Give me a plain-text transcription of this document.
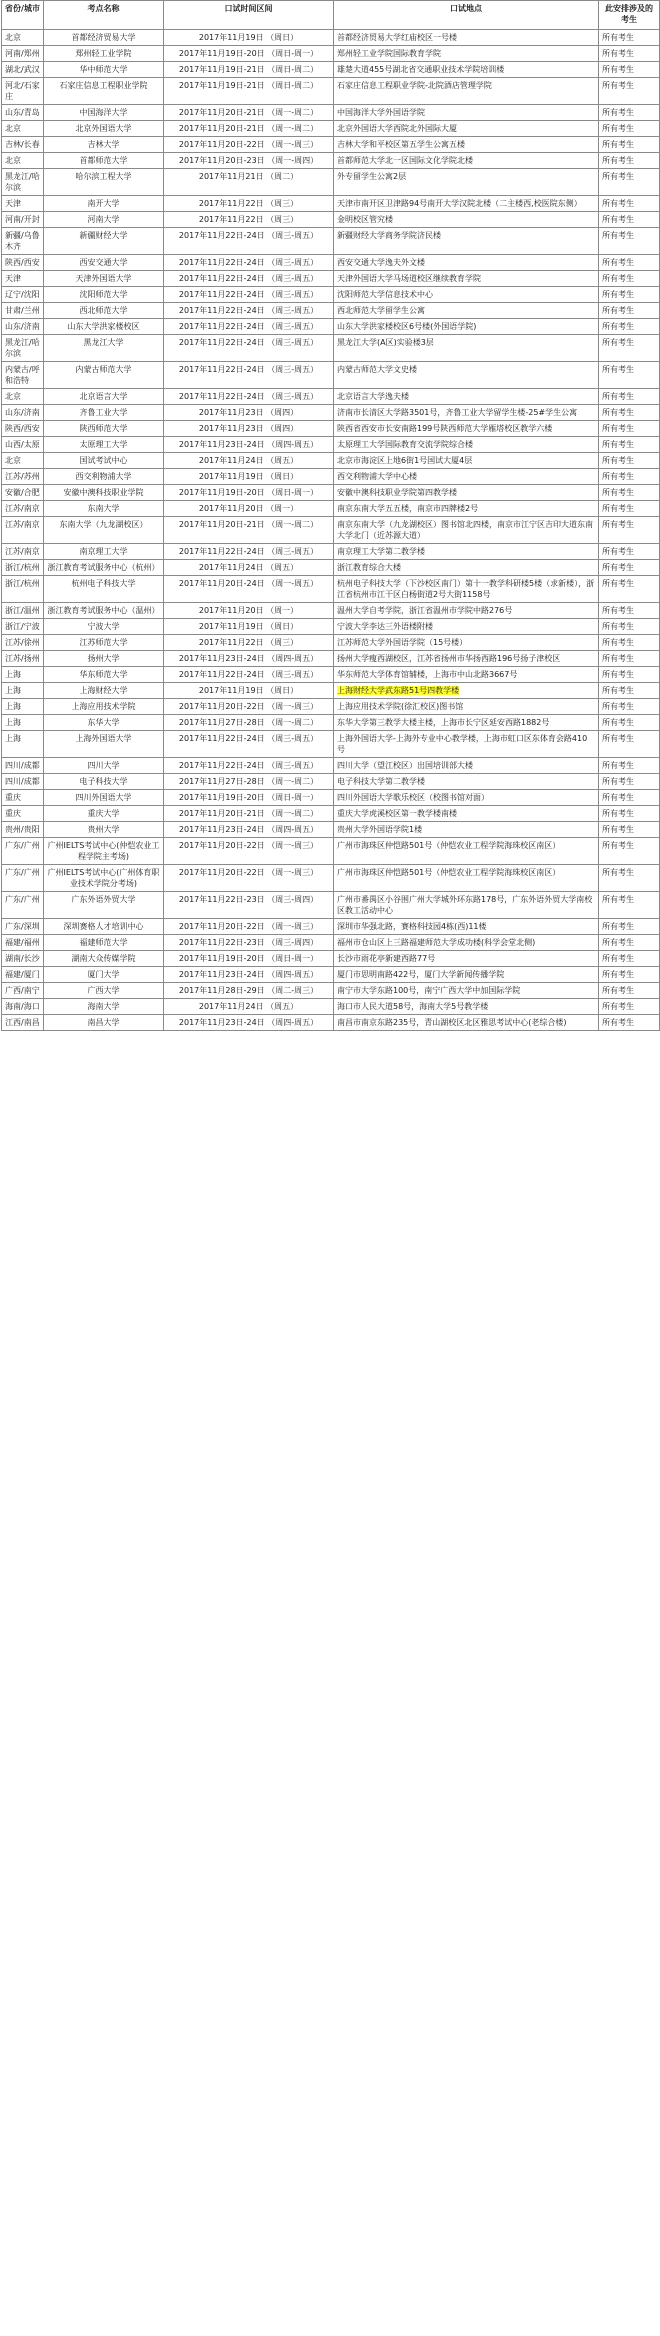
省份/城市	考点名称	口试时间区间	口试地点	此安排涉及的考生
北京	首都经济贸易大学	2017年11月19日 （周日）	首都经济贸易大学红庙校区一号楼	所有考生
河南/郑州	郑州轻工业学院	2017年11月19日-20日 （周日-周一）	郑州轻工业学院国际教育学院	所有考生
湖北/武汉	华中师范大学	2017年11月19日-21日 （周日-周二）	雄楚大道455号湖北省交通职业技术学院培训楼	所有考生
河北/石家庄	石家庄信息工程职业学院	2017年11月19日-21日 （周日-周二）	石家庄信息工程职业学院-北院酒店管理学院	所有考生
山东/青岛	中国海洋大学	2017年11月20日-21日 （周一-周二）	中国海洋大学外国语学院	所有考生
北京	北京外国语大学	2017年11月20日-21日 （周一-周二）	北京外国语大学西院北外国际大厦	所有考生
吉林/长春	吉林大学	2017年11月20日-22日 （周一-周三）	吉林大学和平校区第五学生公寓五楼	所有考生
北京	首都师范大学	2017年11月20日-23日 （周一-周四）	首都师范大学北一区国际文化学院北楼	所有考生
黑龙江/哈尔滨	哈尔滨工程大学	2017年11月21日 （周二）	外专留学生公寓2层	所有考生
天津	南开大学	2017年11月22日 （周三）	天津市南开区卫津路94号南开大学汉院北楼（二主楼西,校医院东侧）	所有考生
河南/开封	河南大学	2017年11月22日 （周三）	金明校区管究楼	所有考生
新疆/乌鲁木齐	新疆财经大学	2017年11月22日-24日 （周三-周五）	新疆财经大学商务学院济民楼	所有考生
陕西/西安	西安交通大学	2017年11月22日-24日 （周三-周五）	西安交通大学逸夫外文楼	所有考生
天津	天津外国语大学	2017年11月22日-24日 （周三-周五）	天津外国语大学马场道校区继续教育学院	所有考生
辽宁/沈阳	沈阳师范大学	2017年11月22日-24日 （周三-周五）	沈阳师范大学信息技术中心	所有考生
甘肃/兰州	西北师范大学	2017年11月22日-24日 （周三-周五）	西北师范大学留学生公寓	所有考生
山东/济南	山东大学洪家楼校区	2017年11月22日-24日 （周三-周五）	山东大学洪家楼校区6号楼(外国语学院)	所有考生
黑龙江/哈尔滨	黑龙江大学	2017年11月22日-24日 （周三-周五）	黑龙江大学(A区)实验楼3层	所有考生
内蒙古/呼和浩特	内蒙古师范大学	2017年11月22日-24日 （周三-周五）	内蒙古师范大学文史楼	所有考生
北京	北京语言大学	2017年11月22日-24日 （周三-周五）	北京语言大学逸夫楼	所有考生
山东/济南	齐鲁工业大学	2017年11月23日 （周四）	济南市长清区大学路3501号，齐鲁工业大学留学生楼-25#学生公寓	所有考生
陕西/西安	陕西师范大学	2017年11月23日 （周四）	陕西省西安市长安南路199号陕西师范大学雁塔校区教学六楼	所有考生
山西/太原	太原理工大学	2017年11月23日-24日 （周四-周五）	太原理工大学国际教育交流学院综合楼	所有考生
北京	国试考试中心	2017年11月24日 （周五）	北京市海淀区上地6街1号国试大厦4层	所有考生
江苏/苏州	西交利物浦大学	2017年11月19日 （周日）	西交利物浦大学中心楼	所有考生
安徽/合肥	安徽中澳科技职业学院	2017年11月19日-20日 （周日-周一）	安徽中澳科技职业学院第四教学楼	所有考生
江苏/南京	东南大学	2017年11月20日 （周一）	南京东南大学五五楼，南京市四牌楼2号	所有考生
江苏/南京	东南大学（九龙湖校区）	2017年11月20日-21日 （周一-周二）	南京东南大学（九龙湖校区）图书馆北四楼，南京市江宁区吉印大道东南大学北门（近苏源大道）	所有考生
江苏/南京	南京理工大学	2017年11月22日-24日 （周三-周五）	南京理工大学第二教学楼	所有考生
浙江/杭州	浙江教育考试服务中心（杭州）	2017年11月24日 （周五）	浙江教育综合大楼	所有考生
浙江/杭州	杭州电子科技大学	2017年11月20日-24日 （周一-周五）	杭州电子科技大学（下沙校区南门）第十一教学科研楼5楼（求新楼），浙江省杭州市江干区白杨街道2号大街1158号	所有考生
浙江/温州	浙江教育考试服务中心（温州）	2017年11月20日 （周一）	温州大学自考学院，浙江省温州市学院中路276号	所有考生
浙江/宁波	宁波大学	2017年11月19日 （周日）	宁波大学李达三外语楼附楼	所有考生
江苏/徐州	江苏师范大学	2017年11月22日 （周三）	江苏师范大学外国语学院（15号楼）	所有考生
江苏/扬州	扬州大学	2017年11月23日-24日 （周四-周五）	扬州大学瘦西湖校区，江苏省扬州市华扬西路196号扬子津校区	所有考生
上海	华东师范大学	2017年11月22日-24日 （周三-周五）	华东师范大学体育馆辅楼，上海市中山北路3667号	所有考生
上海	上海财经大学	2017年11月19日 （周日）	上海财经大学武东路51号四教学楼	所有考生
上海	上海应用技术学院	2017年11月20日-22日 （周一-周三）	上海应用技术学院(徐汇校区)图书馆	所有考生
上海	东华大学	2017年11月27日-28日 （周一-周二）	东华大学第三教学大楼主楼，上海市长宁区延安西路1882号	所有考生
上海	上海外国语大学	2017年11月22日-24日 （周三-周五）	上海外国语大学-上海外专业中心教学楼，上海市虹口区东体育会路410号	所有考生
四川/成都	四川大学	2017年11月22日-24日 （周三-周五）	四川大学（望江校区）出国培训部大楼	所有考生
四川/成都	电子科技大学	2017年11月27日-28日 （周一-周二）	电子科技大学第二教学楼	所有考生
重庆	四川外国语大学	2017年11月19日-20日 （周日-周一）	四川外国语大学歌乐校区（校图书馆对面）	所有考生
重庆	重庆大学	2017年11月20日-21日 （周一-周二）	重庆大学虎溪校区第一教学楼南楼	所有考生
贵州/贵阳	贵州大学	2017年11月23日-24日 （周四-周五）	贵州大学外国语学院1楼	所有考生
广东/广州	广州IELTS考试中心(仲恺农业工程学院主考场)	2017年11月20日-22日 （周一-周三）	广州市海珠区仲恺路501号（仲恺农业工程学院海珠校区南区）	所有考生
广东/广州	广州IELTS考试中心(广州体育职业技术学院分考场)	2017年11月20日-22日 （周一-周三）	广州市海珠区仲恺路501号（仲恺农业工程学院海珠校区南区）	所有考生
广东/广州	广东外语外贸大学	2017年11月22日-23日 （周三-周四）	广州市番禺区小谷围广州大学城外环东路178号，广东外语外贸大学南校区教工活动中心	所有考生
广东/深圳	深圳赛格人才培训中心	2017年11月20日-22日 （周一-周三）	深圳市华强北路，赛格科技园4栋(西)11楼	所有考生
福建/福州	福建师范大学	2017年11月22日-23日 （周三-周四）	福州市仓山区上三路福建师范大学成功楼(科学会堂北侧)	所有考生
湖南/长沙	湖南大众传媒学院	2017年11月19日-20日 （周日-周一）	长沙市雨花亭新建西路77号	所有考生
福建/厦门	厦门大学	2017年11月23日-24日 （周四-周五）	厦门市思明南路422号，厦门大学新闻传播学院	所有考生
广西/南宁	广西大学	2017年11月28日-29日 （周二-周三）	南宁市大学东路100号，南宁广西大学中加国际学院	所有考生
海南/海口	海南大学	2017年11月24日 （周五）	海口市人民大道58号，海南大学5号教学楼	所有考生
江西/南昌	南昌大学	2017年11月23日-24日 （周四-周五）	南昌市南京东路235号，青山湖校区北区雅思考试中心(老综合楼)	所有考生
